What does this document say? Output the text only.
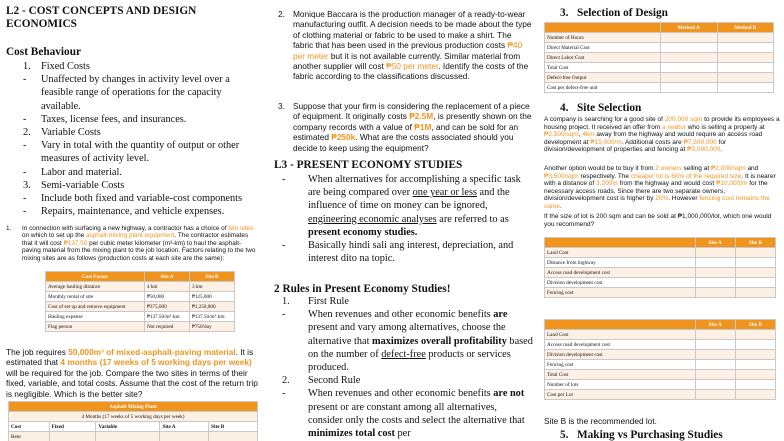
L2 - COST CONCEPTS AND DESIGN
ECONOMICS
Cost Behaviour
1. Fixed Costs
-	Unaffected by changes in activity level over a feasible range of operations for the capacity available.
-	Taxes, license fees, and insurances.
2. Variable Costs
-	Vary in total with the quantity of output or other measures of activity level.
-	Labor and material.
3. Semi-variable Costs
-	Include both fixed and variable-cost components
-	Repairs, maintenance, and vehicle expenses.
1.	In connection with surfacing a new highway, a contractor has a choice of two sites on which to set up the asphalt-mixing plant equipment. The contractor estimates that it will cost ₱137.50 per cubic meter kilometer (m³-km) to haul the asphalt-paving material from the mixing plant to the job location. Factors relating to the two mixing sites are as follows (production costs at each site are the same):
Cost Factor	Site A	Site B
Average hauling distance	4 km	3 km
Monthly rental of site	₱50,000	₱125,000
Cost of set up and remove equipment	₱375,000	₱1,250,000
Hauling expense	₱137.50/m³·km	₱137.50/m³·km
Flag person	Not required	₱750/day
The job requires 50,000m³ of mixed-asphalt-paving material. It is estimated that 4 months (17 weeks of 5 working days per week) will be required for the job. Compare the two sites in terms of their fixed, variable, and total costs. Assume that the cost of the return trip is negligible. Which is the better site?
Asphalt Mixing Plant				
4 Months (17 weeks of 5 working days per week)				
Cost	Fixed	Variable	Site A	Site B
Rent				
2. Monique Baccara is the production manager of a ready-to-wear manufacturing outfit. A decision needs to be made about the type of clothing material or fabric to be used to make a shirt. The fabric that has been used in the previous production costs ₱40 per meter but it is not available currently. Similar material from another supplier will cost ₱50 per meter. Identify the costs of the fabric according to the classifications discussed.
3. Suppose that your firm is considering the replacement of a piece of equipment. It originally costs ₱2.5M, is presently shown on the company records with a value of ₱1M, and can be sold for an estimated ₱250k. What are the costs associated should you decide to keep using the equipment?
L3 - PRESENT ECONOMY STUDIES
-	When alternatives for accomplishing a specific task are being compared over one year or less and the influence of time on money can be ignored, engineering economic analyses are referred to as present economy studies.
-	Basically hindi sali ang interest, depreciation, and interest dito na topic.
2 Rules in Present Economy Studies!
1.	First Rule
-	When revenues and other economic benefits are present and vary among alternatives, choose the alternative that maximizes overall profitability based on the number of defect-free products or services produced.
2.	Second Rule
-	When revenues and other economic benefits are not present or are constant among all alternatives, consider only the costs and select the alternative that minimizes total cost per
3. Selection of Design
	Method A	Method B
Number of Hours		
Direct Material Cost		
Direct Labor Cost		
Total Cost		
Defect-free Output		
Cost per defect-free unit		
4. Site Selection
A company is searching for a good site of 200,000 sqm to provide its employees a housing project. It received an offer from a realtor who is selling a property at ₱2,500/sqm, 4km away from the highway and would require an access road development at ₱15,000/m. Additional costs are ₱7,500,000 for division/development of properties and fencing at ₱3,000,000.
Another option would be to buy it from 2 owners selling at ₱2,000/sqm and ₱3,500/sqm respectively. The cheaper lot is 60% of the required size. It is nearer with a distance of 3,200m from the highway and would cost ₱10,000/m for the necessary access roads. Since there are two separate owners, division/development cost is higher by 20%. However fencing cost remains the same.
If the size of lot is 200 sqm and can be sold at ₱1,000,000/lot, which one would you recommend?
	Site A	Site B
Land Cost		
Distance from highway		
Access road development cost		
Division development cost		
Fencing cost		
	Site A	Site B
Land Cost		
Access road development cost		
Division development cost		
Fencing cost		
Total Cost		
Number of lots		
Cost per Lot		
Site B is the recommended lot.
5. Making vs Purchasing Studies
